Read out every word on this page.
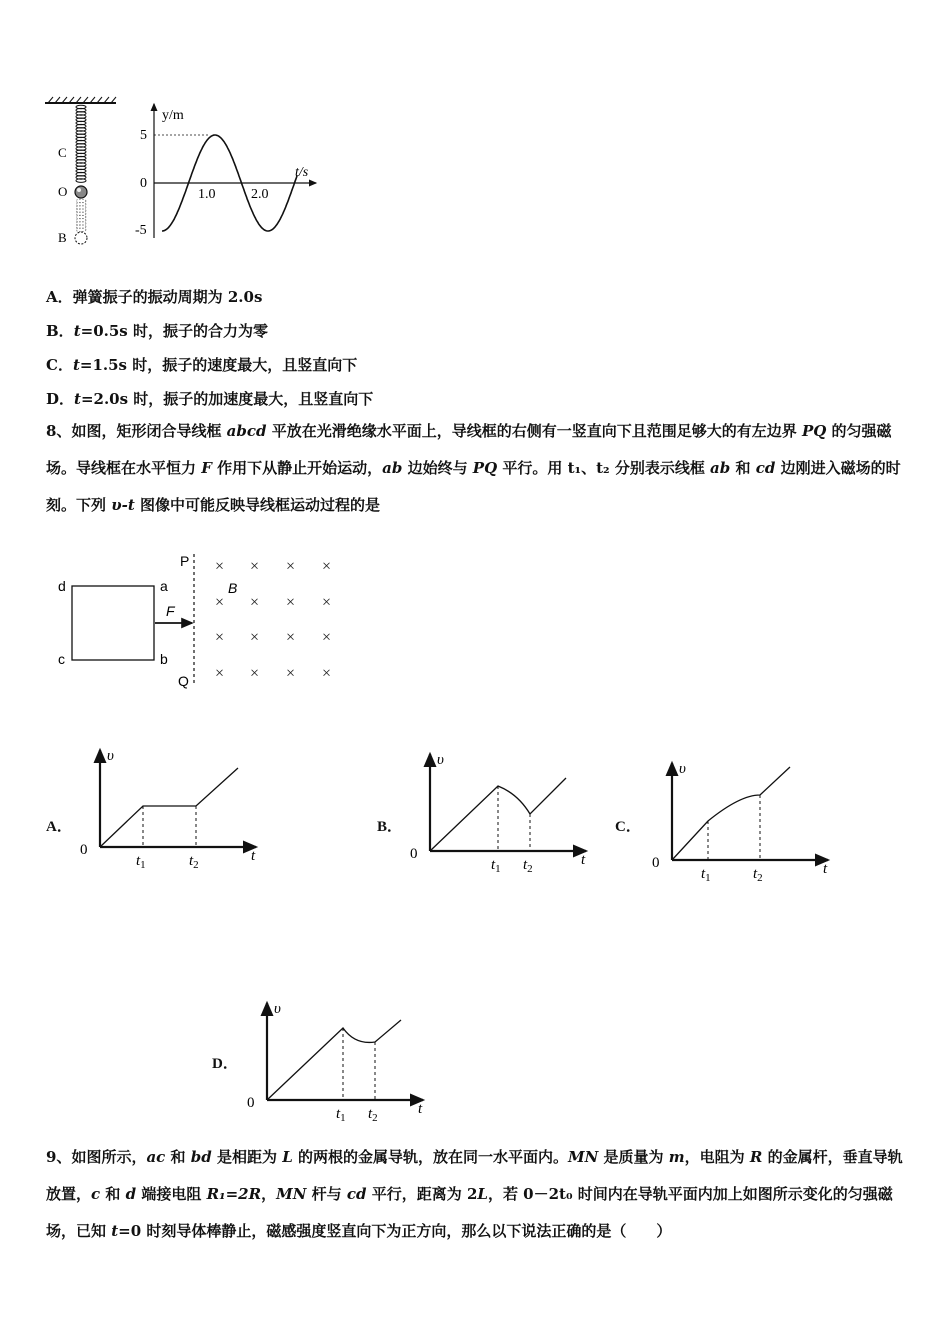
C
O
B
y/m
t/s
5
0
-5
1.0	2.0
A．弹簧振子的振动周期为 2.0s
B．t=0.5s 时，振子的合力为零
C．t=1.5s 时，振子的速度最大，且竖直向下
D．t=2.0s 时，振子的加速度最大，且竖直向下
8、如图，矩形闭合导线框 abcd 平放在光滑绝缘水平面上，导线框的右侧有一竖直向下且范围足够大的有左边界 PQ 的匀强磁场。导线框在水平恒力 F 作用下从静止开始运动，ab 边始终与 PQ 平行。用 t₁、t₂ 分别表示线框 ab 和 cd 边刚进入磁场的时刻。下列 υ-t 图像中可能反映导线框运动过程的是
d	a
c	b
F
P
Q
B
× × × ×
× × × ×
× × × ×
× × × ×
A．
υ
t
0
$t_1$	$t_2$
B．
υ
t
0
$t_1$ $t_2$
C．
υ
t
0
$t_1$	$t_2$
D．
υ
t
0
$t_1$ $t_2$
9、如图所示，ac 和 bd 是相距为 L 的两根的金属导轨，放在同一水平面内。MN 是质量为 m，电阻为 R 的金属杆，垂直导轨放置，c 和 d 端接电阻 R₁=2R，MN 杆与 cd 平行，距离为 2L，若 0－2t₀ 时间内在导轨平面内加上如图所示变化的匀强磁场，已知 t=0 时刻导体棒静止，磁感强度竖直向下为正方向，那么以下说法正确的是（　　）
